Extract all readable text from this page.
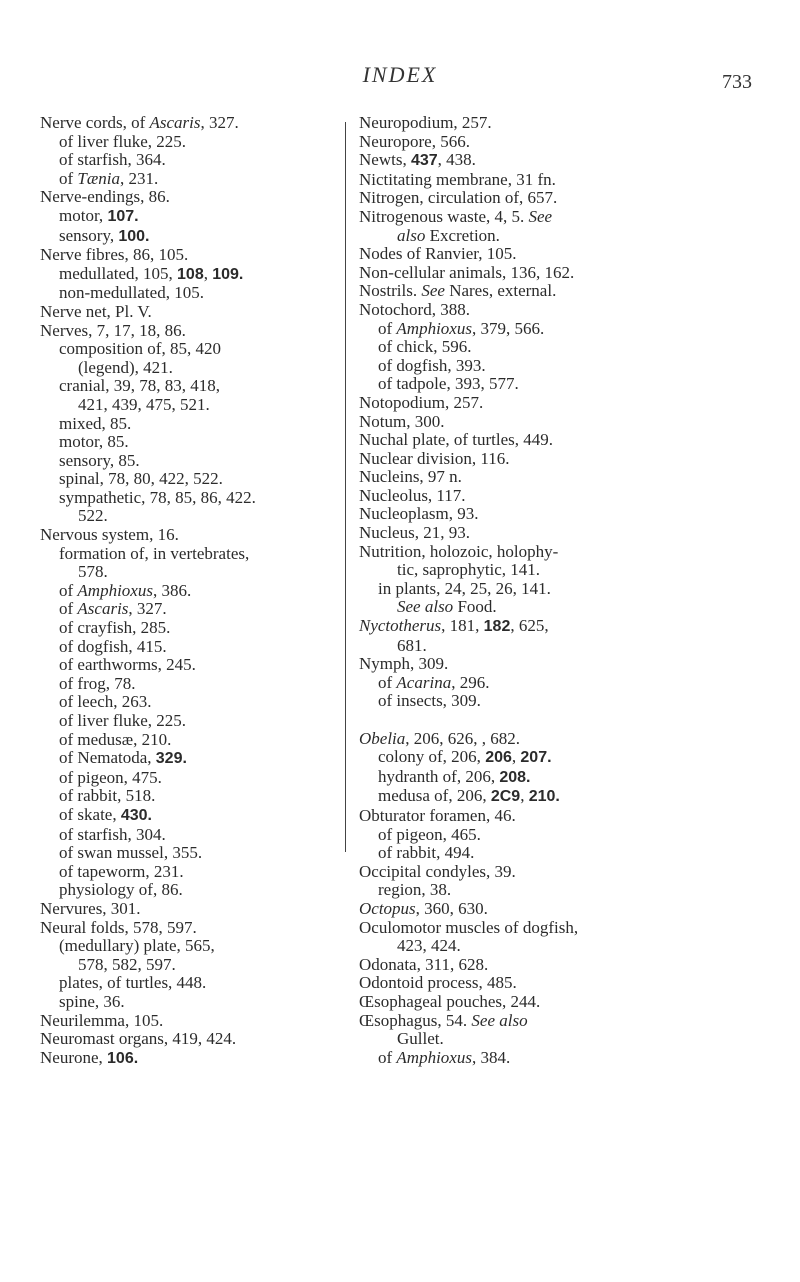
INDEX	733
Nerve cords, of Ascaris, 327.
of liver fluke, 225.
of starfish, 364.
of Tænia, 231.
Nerve-endings, 86.
motor, 107.
sensory, 100.
Nerve fibres, 86, 105.
medullated, 105, 108, 109.
non-medullated, 105.
Nerve net, Pl. V.
Nerves, 7, 17, 18, 86.
composition of, 85, 420
(legend), 421.
cranial, 39, 78, 83, 418,
421, 439, 475, 521.
mixed, 85.
motor, 85.
sensory, 85.
spinal, 78, 80, 422, 522.
sympathetic, 78, 85, 86, 422.
522.
Nervous system, 16.
formation of, in vertebrates,
578.
of Amphioxus, 386.
of Ascaris, 327.
of crayfish, 285.
of dogfish, 415.
of earthworms, 245.
of frog, 78.
of leech, 263.
of liver fluke, 225.
of medusæ, 210.
of Nematoda, 329.
of pigeon, 475.
of rabbit, 518.
of skate, 430.
of starfish, 304.
of swan mussel, 355.
of tapeworm, 231.
physiology of, 86.
Nervures, 301.
Neural folds, 578, 597.
(medullary) plate, 565,
578, 582, 597.
plates, of turtles, 448.
spine, 36.
Neurilemma, 105.
Neuromast organs, 419, 424.
Neurone, 106.
Neuropodium, 257.
Neuropore, 566.
Newts, 437, 438.
Nictitating membrane, 31 fn.
Nitrogen, circulation of, 657.
Nitrogenous waste, 4, 5. See
also Excretion.
Nodes of Ranvier, 105.
Non-cellular animals, 136, 162.
Nostrils. See Nares, external.
Notochord, 388.
of Amphioxus, 379, 566.
of chick, 596.
of dogfish, 393.
of tadpole, 393, 577.
Notopodium, 257.
Notum, 300.
Nuchal plate, of turtles, 449.
Nuclear division, 116.
Nucleins, 97 n.
Nucleolus, 117.
Nucleoplasm, 93.
Nucleus, 21, 93.
Nutrition, holozoic, holophy-
tic, saprophytic, 141.
in plants, 24, 25, 26, 141.
See also Food.
Nyctotherus, 181, 182, 625,
681.
Nymph, 309.
of Acarina, 296.
of insects, 309.
Obelia, 206, 626, , 682.
colony of, 206, 206, 207.
hydranth of, 206, 208.
medusa of, 206, 2C9, 210.
Obturator foramen, 46.
of pigeon, 465.
of rabbit, 494.
Occipital condyles, 39.
region, 38.
Octopus, 360, 630.
Oculomotor muscles of dogfish,
423, 424.
Odonata, 311, 628.
Odontoid process, 485.
Œsophageal pouches, 244.
Œsophagus, 54. See also
Gullet.
of Amphioxus, 384.
